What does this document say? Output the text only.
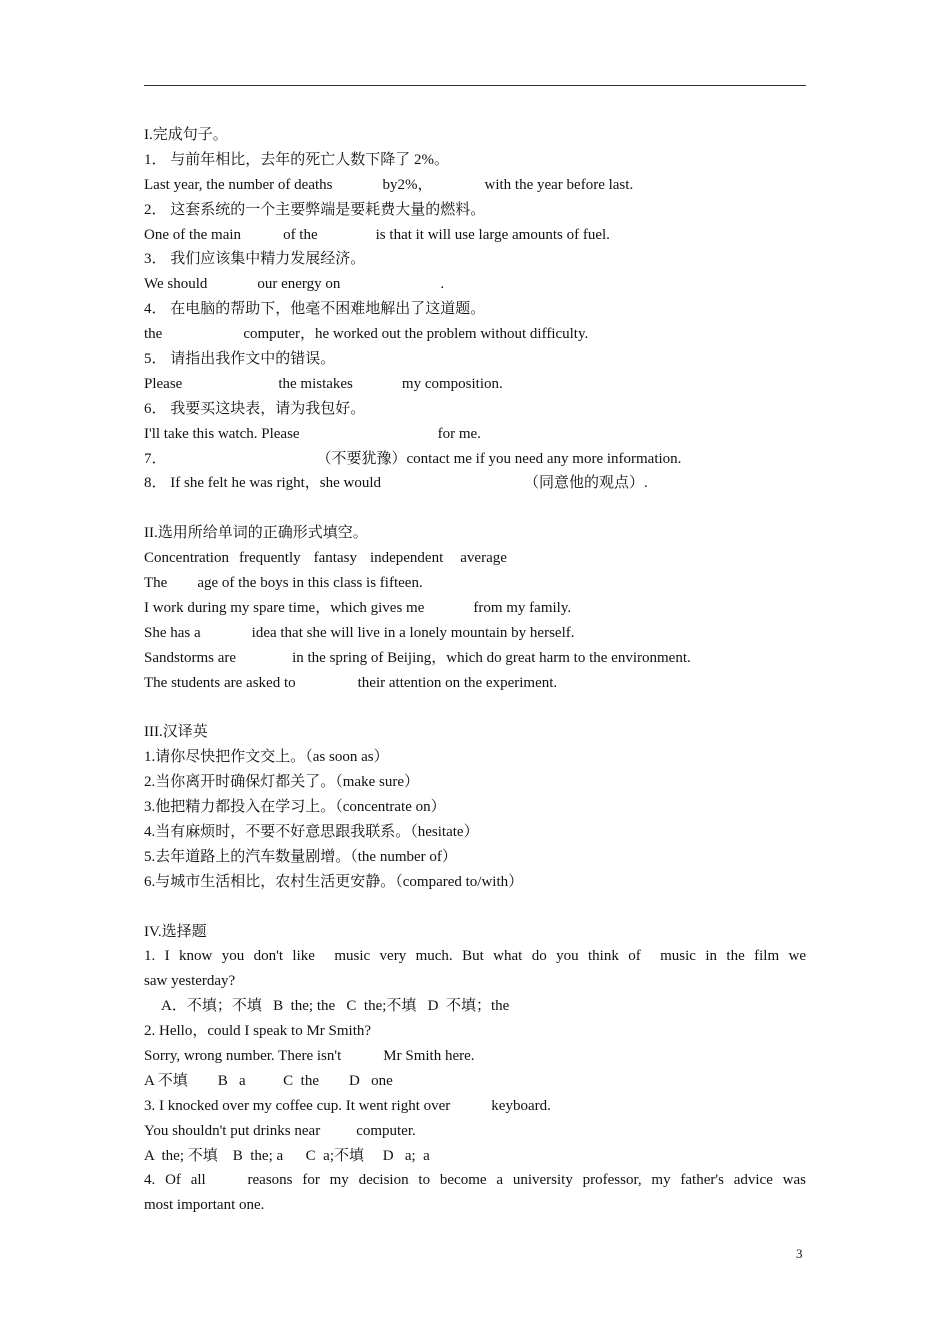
I.完成句子。
1． 与前年相比，去年的死亡人数下降了 2%。
Last year, the number of deaths	by2%，	with the year before last.
2． 这套系统的一个主要弊端是要耗费大量的燃料。
One of the main	of the	is that it will use large amounts of fuel.
3． 我们应该集中精力发展经济。
We should	our energy on	.
4． 在电脑的帮助下，他毫不困难地解出了这道题。
the	computer，he worked out the problem without difficulty.
5． 请指出我作文中的错误。
Please	the mistakes	my composition.
6． 我要买这块表，请为我包好。
I'll take this watch. Please	for me.
7．	（不要犹豫）contact me if you need any more information.
8． If she felt he was right，she would	（同意他的观点）.
II.选用所给单词的正确形式填空。
Concentration frequently fantasy independent average
The age of the boys in this class is fifteen.
I work during my spare time，which gives me	from my family.
She has a	idea that she will live in a lonely mountain by herself.
Sandstorms are	in the spring of Beijing，which do great harm to the environment.
The students are asked to	their attention on the experiment.
III.汉译英
1.请你尽快把作文交上。（as soon as）
2.当你离开时确保灯都关了。（make sure）
3.他把精力都投入在学习上。（concentrate on）
4.当有麻烦时，不要不好意思跟我联系。（hesitate）
5.去年道路上的汽车数量剧增。（the number of）
6.与城市生活相比，农村生活更安静。（compared to/with）
IV.选择题
1. I know you don't like music very much. But what do you think of music in the film we
saw yesterday?
A．不填；不填   B  the; the   C  the;不填   D  不填；the
2. Hello，could I speak to Mr Smith?
Sorry, wrong number. There isn't	Mr Smith here.
A 不填        B   a          C  the        D   one
3. I knocked over my coffee cup. It went right over	keyboard.
You shouldn't put drinks near computer.
A  the; 不填    B  the; a      C  a;不填     D   a;  a
4. Of all	reasons for my decision to become a university professor, my father's advice was
most important one.
3
